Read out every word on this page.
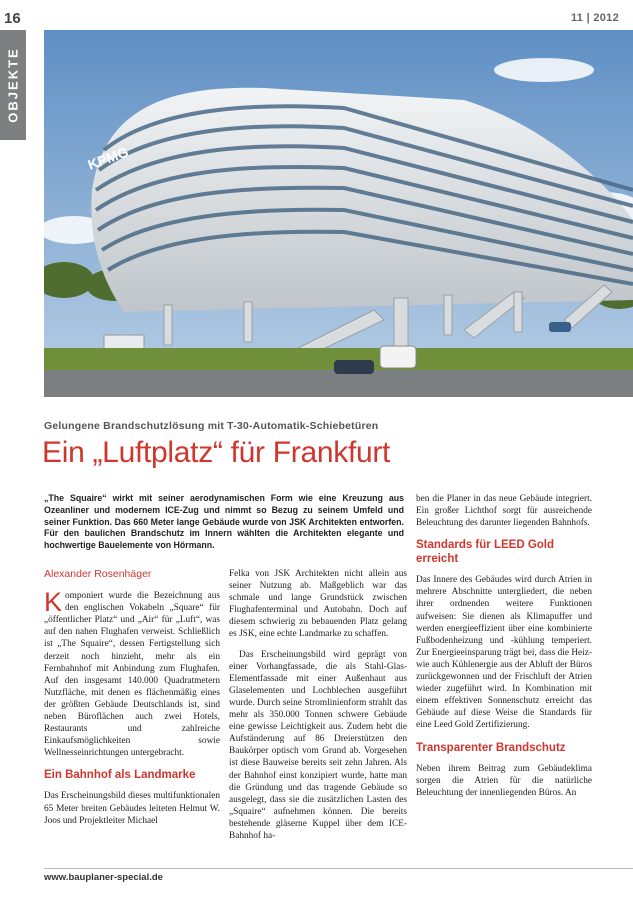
16	11 | 2012
OBJEKTE
KPMG
Gelungene Brandschutzlösung mit T-30-Automatik-Schiebetüren
Ein „Luftplatz“ für Frankfurt

„The Squaire“ wirkt mit seiner aerodynamischen Form wie eine Kreuzung aus Ozeanliner und modernem ICE-Zug und nimmt so Bezug zu seinem Umfeld und seiner Funktion. Das 660 Meter lange Gebäude wurde von JSK Architekten entworfen. Für den baulichen Brandschutz im Innern wählten die Architekten elegante und hochwertige Bauelemente von Hörmann.

Alexander Rosenhäger

Komponiert wurde die Bezeichnung aus den englischen Vokabeln „Square“ für „öffentlicher Platz“ und „Air“ für „Luft“, was auf den nahen Flughafen verweist. Schließlich ist „The Squaire“, dessen Fertigstellung sich derzeit noch hinzieht, mehr als ein Fernbahnhof mit Anbindung zum Flughafen. Auf den insgesamt 140.000 Quadratmetern Nutzfläche, mit denen es flächenmäßig eines der größten Gebäude Deutschlands ist, sind neben Büroflächen auch zwei Hotels, Restaurants und zahlreiche Einkaufsmöglichkeiten sowie Wellnesseinrichtungen untergebracht.

Ein Bahnhof als Landmarke

Das Erscheinungsbild dieses multifunktionalen 65 Meter breiten Gebäudes leiteten Helmut W. Joos und Projektleiter Michael

Felka von JSK Architekten nicht allein aus seiner Nutzung ab. Maßgeblich war das schmale und lange Grundstück zwischen Flughafenterminal und Autobahn. Doch auf diesem schwierig zu bebauenden Platz gelang es JSK, eine echte Landmarke zu schaffen.

Das Erscheinungsbild wird geprägt von einer Vorhangfassade, die als Stahl-Glas-Elementfassade mit einer Außenhaut aus Glaselementen und Lochblechen ausgeführt wurde. Durch seine Stromlinienform strahlt das mehr als 350.000 Tonnen schwere Gebäude eine gewisse Leichtigkeit aus. Zudem hebt die Aufständerung auf 86 Dreierstützen den Baukörper optisch vom Grund ab. Vorgesehen ist diese Bauweise bereits seit zehn Jahren. Als der Bahnhof einst konzipiert wurde, hatte man die Gründung und das tragende Gebäude so ausgelegt, dass sie die zusätzlichen Lasten des „Squaire“ aufnehmen können. Die bereits bestehende gläserne Kuppel über dem ICE-Bahnhof ha-

ben die Planer in das neue Gebäude integriert. Ein großer Lichthof sorgt für ausreichende Beleuchtung des darunter liegenden Bahnhofs.

Standards für LEED Gold erreicht

Das Innere des Gebäudes wird durch Atrien in mehrere Abschnitte untergliedert, die neben ihrer ordnenden weitere Funktionen aufweisen: Sie dienen als Klimapuffer und werden energieeffizient über eine kombinierte Fußbodenheizung und -kühlung temperiert. Zur Energieeinsparung trägt bei, dass die Heiz- wie auch Kühlenergie aus der Abluft der Büros zurückgewonnen und der Frischluft der Atrien wieder zugeführt wird. In Kombination mit einem effektiven Sonnenschutz erreicht das Gebäude auf diese Weise die Standards für eine Leed Gold Zertifizierung.

Transparenter Brandschutz

Neben ihrem Beitrag zum Gebäudeklima sorgen die Atrien für die natürliche Beleuchtung der innenliegenden Büros. An

www.bauplaner-special.de
